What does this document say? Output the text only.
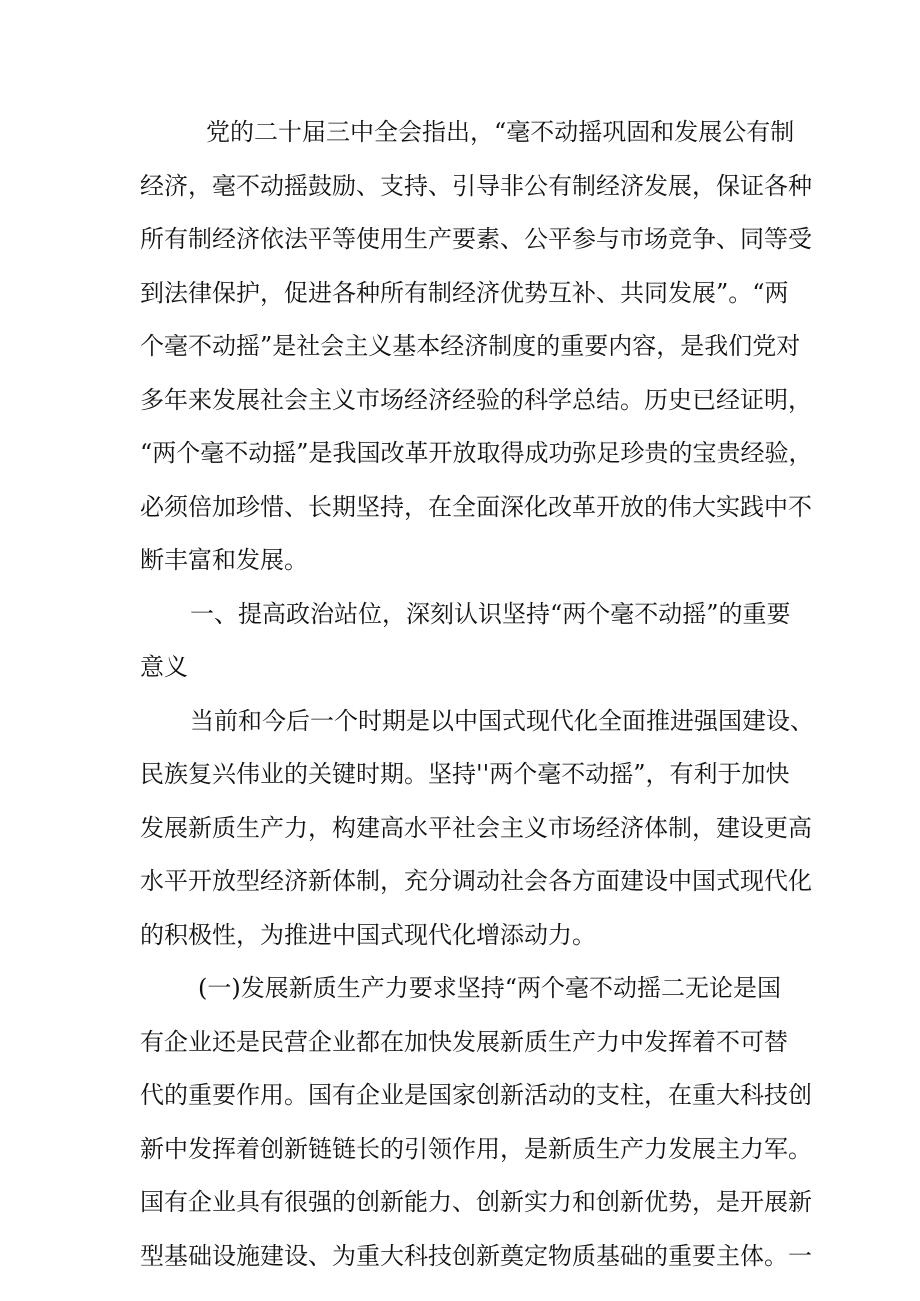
党的二十届三中全会指出，“毫不动摇巩固和发展公有制
经济，毫不动摇鼓励、支持、引导非公有制经济发展，保证各种
所有制经济依法平等使用生产要素、公平参与市场竞争、同等受
到法律保护，促进各种所有制经济优势互补、共同发展”。“两
个毫不动摇”是社会主义基本经济制度的重要内容，是我们党对
多年来发展社会主义市场经济经验的科学总结。历史已经证明，
“两个毫不动摇”是我国改革开放取得成功弥足珍贵的宝贵经验，
必须倍加珍惜、长期坚持，在全面深化改革开放的伟大实践中不
断丰富和发展。
一、提高政治站位，深刻认识坚持“两个毫不动摇”的重要
意义
当前和今后一个时期是以中国式现代化全面推进强国建设、
民族复兴伟业的关键时期。坚持''两个毫不动摇”，有利于加快
发展新质生产力，构建高水平社会主义市场经济体制，建设更高
水平开放型经济新体制，充分调动社会各方面建设中国式现代化
的积极性，为推进中国式现代化增添动力。
(一)发展新质生产力要求坚持“两个毫不动摇二无论是国
有企业还是民营企业都在加快发展新质生产力中发挥着不可替
代的重要作用。国有企业是国家创新活动的支柱，在重大科技创
新中发挥着创新链链长的引领作用，是新质生产力发展主力军。
国有企业具有很强的创新能力、创新实力和创新优势，是开展新
型基础设施建设、为重大科技创新奠定物质基础的重要主体。一
